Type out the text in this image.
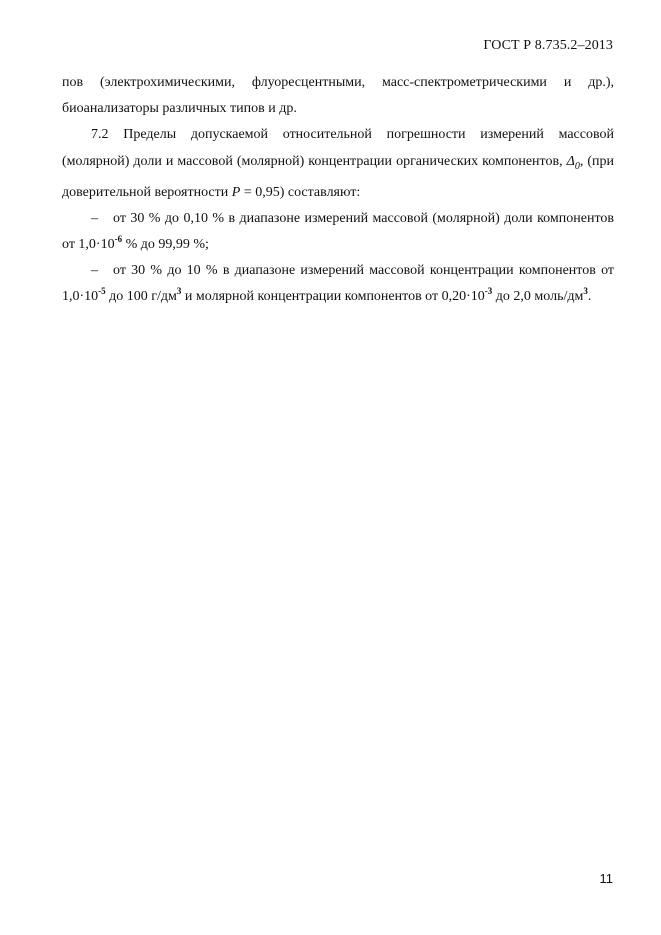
ГОСТ Р 8.735.2–2013

пов (электрохимическими, флуоресцентными, масс-спектрометрическими и др.), биоанализаторы различных типов и др.

7.2 Пределы допускаемой относительной погрешности измерений массовой (молярной) доли и массовой (молярной) концентрации органических компонентов, $\Delta_0$, (при доверительной вероятности P = 0,95) составляют:

– от 30 % до 0,10 % в диапазоне измерений массовой (молярной) доли компонентов от $1,0\cdot 10^{-6}$ % до 99,99 %;

– от 30 % до 10 % в диапазоне измерений массовой концентрации компонентов от $1,0\cdot 10^{-5}$ до 100 $г/дм^3$ и молярной концентрации компонентов от $0,20\cdot 10^{-3}$ до 2,0 моль/$дм^3$.

11
